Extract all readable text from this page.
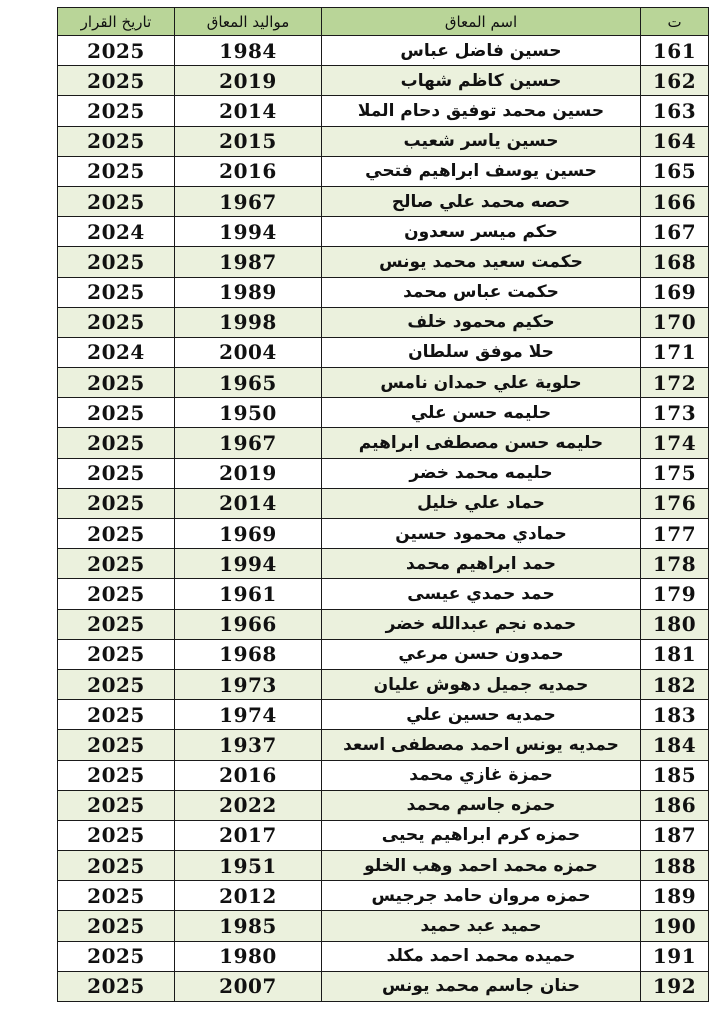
تاريخ القرار	مواليد المعاق	اسم المعاق	ت
2025	1984	حسين فاضل عباس	161
2025	2019	حسين كاظم شهاب	162
2025	2014	حسين محمد توفيق دحام الملا	163
2025	2015	حسين ياسر شعيب	164
2025	2016	حسين يوسف ابراهيم فتحي	165
2025	1967	حصه محمد علي صالح	166
2024	1994	حكم ميسر سعدون	167
2025	1987	حكمت سعيد محمد يونس	168
2025	1989	حكمت عباس محمد	169
2025	1998	حكيم محمود خلف	170
2024	2004	حلا موفق سلطان	171
2025	1965	حلوية علي حمدان نامس	172
2025	1950	حليمه حسن علي	173
2025	1967	حليمه حسن مصطفى ابراهيم	174
2025	2019	حليمه محمد خضر	175
2025	2014	حماد علي خليل	176
2025	1969	حمادي محمود حسين	177
2025	1994	حمد ابراهيم محمد	178
2025	1961	حمد حمدي عيسى	179
2025	1966	حمده نجم عبدالله خضر	180
2025	1968	حمدون حسن مرعي	181
2025	1973	حمديه جميل دهوش عليان	182
2025	1974	حمديه حسين علي	183
2025	1937	حمديه يونس احمد مصطفى اسعد	184
2025	2016	حمزة غازي محمد	185
2025	2022	حمزه جاسم محمد	186
2025	2017	حمزه كرم ابراهيم يحيى	187
2025	1951	حمزه محمد احمد وهب الخلو	188
2025	2012	حمزه مروان حامد جرجيس	189
2025	1985	حميد عبد حميد	190
2025	1980	حميده محمد احمد مكلد	191
2025	2007	حنان جاسم محمد يونس	192
